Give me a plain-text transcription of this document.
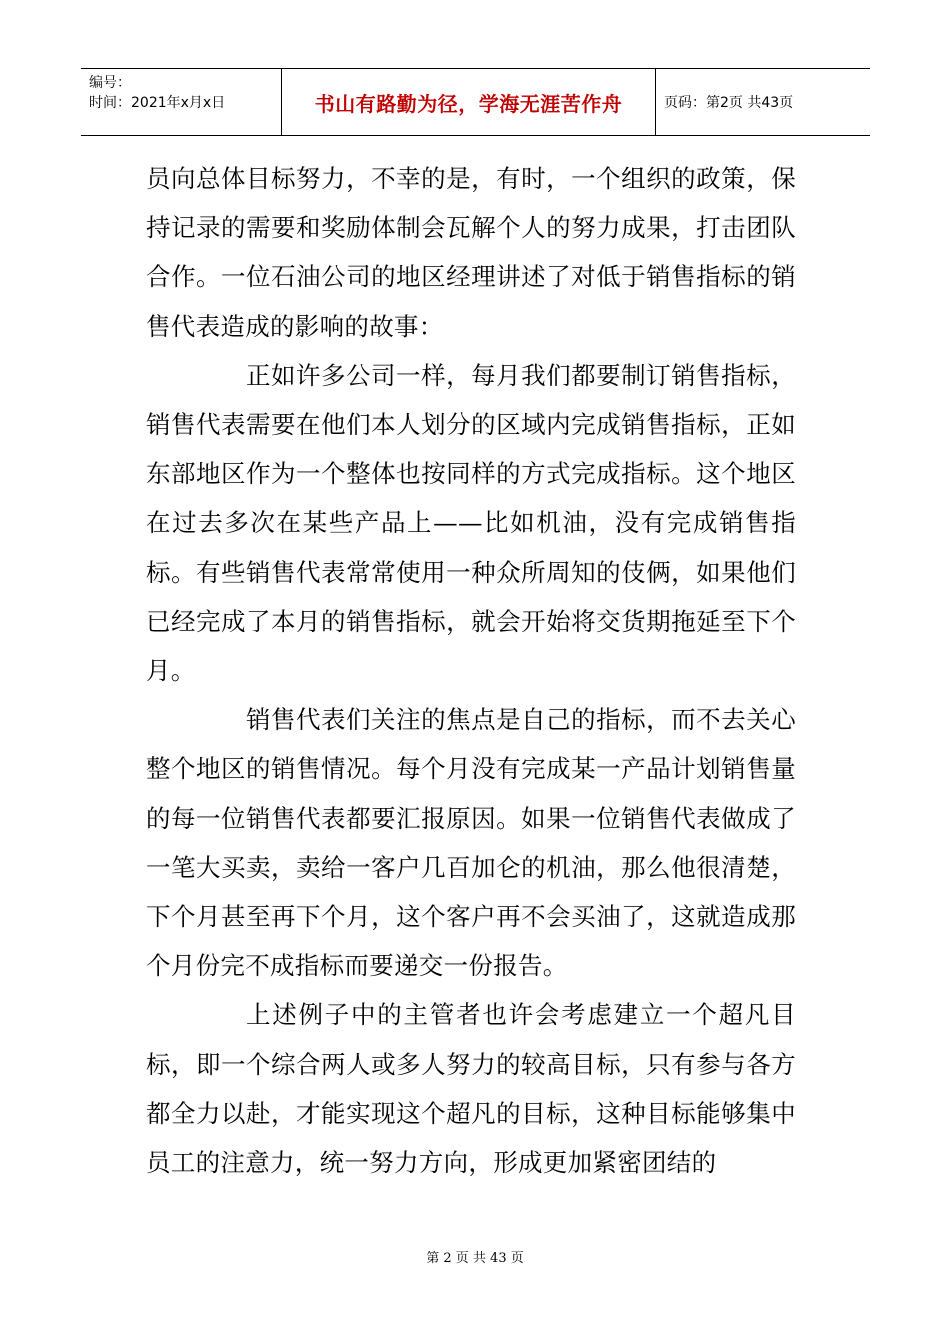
编号：
时间：2021年x月x日	书山有路勤为径，学海无涯苦作舟	页码：第2页 共43页

员向总体目标努力，不幸的是，有时，一个组织的政策，保持记录的需要和奖励体制会瓦解个人的努力成果，打击团队合作。一位石油公司的地区经理讲述了对低于销售指标的销售代表造成的影响的故事：

正如许多公司一样，每月我们都要制订销售指标，销售代表需要在他们本人划分的区域内完成销售指标，正如东部地区作为一个整体也按同样的方式完成指标。这个地区在过去多次在某些产品上——比如机油，没有完成销售指标。有些销售代表常常使用一种众所周知的伎俩，如果他们已经完成了本月的销售指标，就会开始将交货期拖延至下个月。

销售代表们关注的焦点是自己的指标，而不去关心整个地区的销售情况。每个月没有完成某一产品计划销售量的每一位销售代表都要汇报原因。如果一位销售代表做成了一笔大买卖，卖给一客户几百加仑的机油，那么他很清楚，下个月甚至再下个月，这个客户再不会买油了，这就造成那个月份完不成指标而要递交一份报告。

上述例子中的主管者也许会考虑建立一个超凡目标，即一个综合两人或多人努力的较高目标，只有参与各方都全力以赴，才能实现这个超凡的目标，这种目标能够集中员工的注意力，统一努力方向，形成更加紧密团结的

第 2 页 共 43 页
